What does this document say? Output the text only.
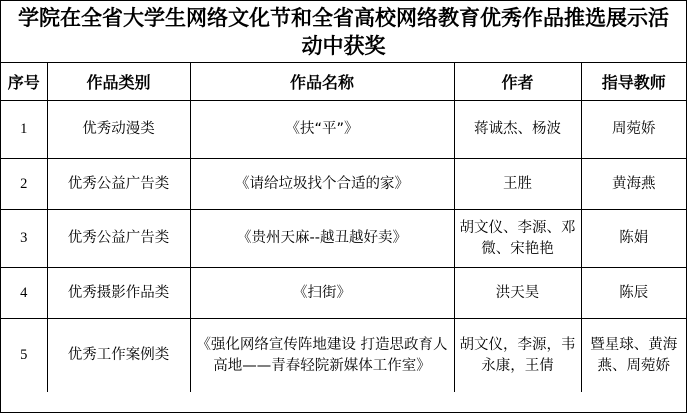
学院在全省大学生网络文化节和全省高校网络教育优秀作品推选展示活动中获奖
序号	作品类别	作品名称	作者	指导教师
1	优秀动漫类	《扶“平”》	蒋诚杰、杨波	周菀娇
2	优秀公益广告类	《请给垃圾找个合适的家》	王胜	黄海燕
3	优秀公益广告类	《贵州天麻--越丑越好卖》	胡文仪、李源、邓微、宋艳艳	陈娟
4	优秀摄影作品类	《扫街》	洪天昊	陈辰
5	优秀工作案例类	《强化网络宣传阵地建设 打造思政育人高地——青春轻院新媒体工作室》	胡文仪，李源，韦永康，王倩	暨星球、黄海燕、周菀娇
